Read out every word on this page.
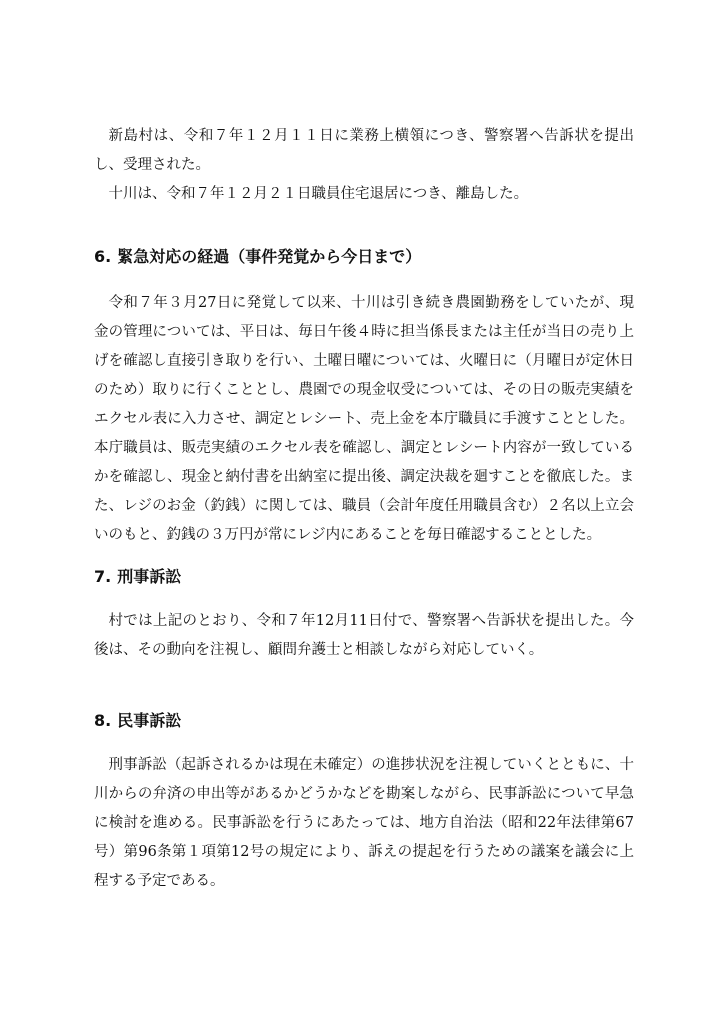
新島村は、令和７年１２月１１日に業務上横領につき、警察署へ告訴状を提出し、受理された。

十川は、令和７年１２月２１日職員住宅退居につき、離島した。

6. 緊急対応の経過（事件発覚から今日まで）

令和７年３月27日に発覚して以来、十川は引き続き農園勤務をしていたが、現金の管理については、平日は、毎日午後４時に担当係長または主任が当日の売り上げを確認し直接引き取りを行い、土曜日曜については、火曜日に（月曜日が定休日のため）取りに行くこととし、農園での現金収受については、その日の販売実績をエクセル表に入力させ、調定とレシート、売上金を本庁職員に手渡すこととした。本庁職員は、販売実績のエクセル表を確認し、調定とレシート内容が一致しているかを確認し、現金と納付書を出納室に提出後、調定決裁を廻すことを徹底した。また、レジのお金（釣銭）に関しては、職員（会計年度任用職員含む）２名以上立会いのもと、釣銭の３万円が常にレジ内にあることを毎日確認することとした。

7. 刑事訴訟

村では上記のとおり、令和７年12月11日付で、警察署へ告訴状を提出した。今後は、その動向を注視し、顧問弁護士と相談しながら対応していく。

8. 民事訴訟

刑事訴訟（起訴されるかは現在未確定）の進捗状況を注視していくとともに、十川からの弁済の申出等があるかどうかなどを勘案しながら、民事訴訟について早急に検討を進める。民事訴訟を行うにあたっては、地方自治法（昭和22年法律第67号）第96条第１項第12号の規定により、訴えの提起を行うための議案を議会に上程する予定である。
